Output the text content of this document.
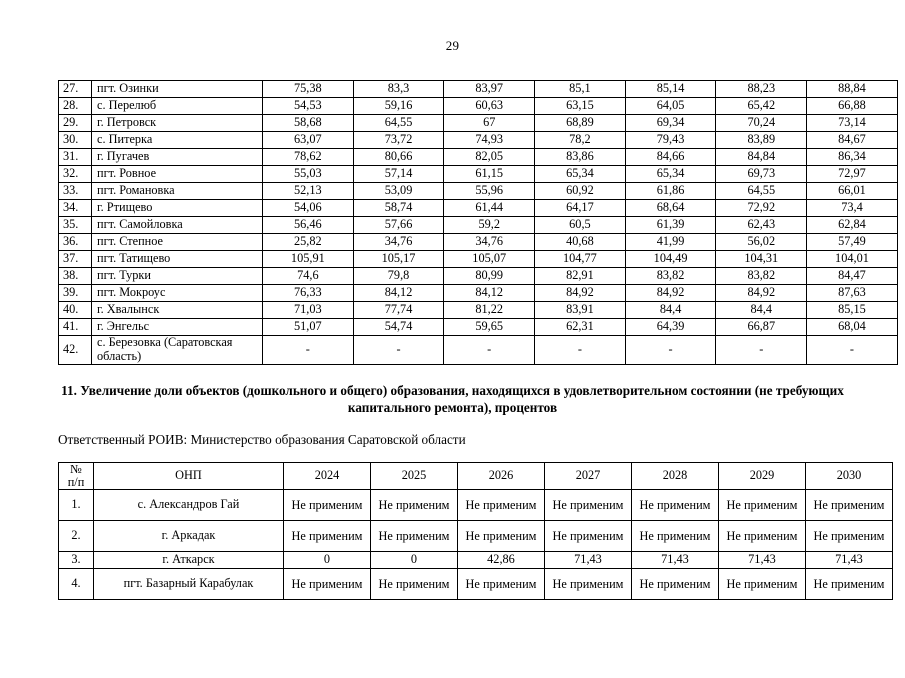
29
27.	пгт. Озинки	75,38	83,3	83,97	85,1	85,14	88,23	88,84
28.	с. Перелюб	54,53	59,16	60,63	63,15	64,05	65,42	66,88
29.	г. Петровск	58,68	64,55	67	68,89	69,34	70,24	73,14
30.	с. Питерка	63,07	73,72	74,93	78,2	79,43	83,89	84,67
31.	г. Пугачев	78,62	80,66	82,05	83,86	84,66	84,84	86,34
32.	пгт. Ровное	55,03	57,14	61,15	65,34	65,34	69,73	72,97
33.	пгт. Романовка	52,13	53,09	55,96	60,92	61,86	64,55	66,01
34.	г. Ртищево	54,06	58,74	61,44	64,17	68,64	72,92	73,4
35.	пгт. Самойловка	56,46	57,66	59,2	60,5	61,39	62,43	62,84
36.	пгт. Степное	25,82	34,76	34,76	40,68	41,99	56,02	57,49
37.	пгт. Татищево	105,91	105,17	105,07	104,77	104,49	104,31	104,01
38.	пгт. Турки	74,6	79,8	80,99	82,91	83,82	83,82	84,47
39.	пгт. Мокроус	76,33	84,12	84,12	84,92	84,92	84,92	87,63
40.	г. Хвалынск	71,03	77,74	81,22	83,91	84,4	84,4	85,15
41.	г. Энгельс	51,07	54,74	59,65	62,31	64,39	66,87	68,04
42.	с. Березовка (Саратовская область)	-	-	-	-	-	-	-

11. Увеличение доли объектов (дошкольного и общего) образования, находящихся в удовлетворительном состоянии (не требующих капитального ремонта), процентов

Ответственный РОИВ: Министерство образования Саратовской области

№
п/п	ОНП	2024	2025	2026	2027	2028	2029	2030
1.	с. Александров Гай	Не применим	Не применим	Не применим	Не применим	Не применим	Не применим	Не применим
2.	г. Аркадак	Не применим	Не применим	Не применим	Не применим	Не применим	Не применим	Не применим
3.	г. Аткарск	0	0	42,86	71,43	71,43	71,43	71,43
4.	пгт. Базарный Карабулак	Не применим	Не применим	Не применим	Не применим	Не применим	Не применим	Не применим
